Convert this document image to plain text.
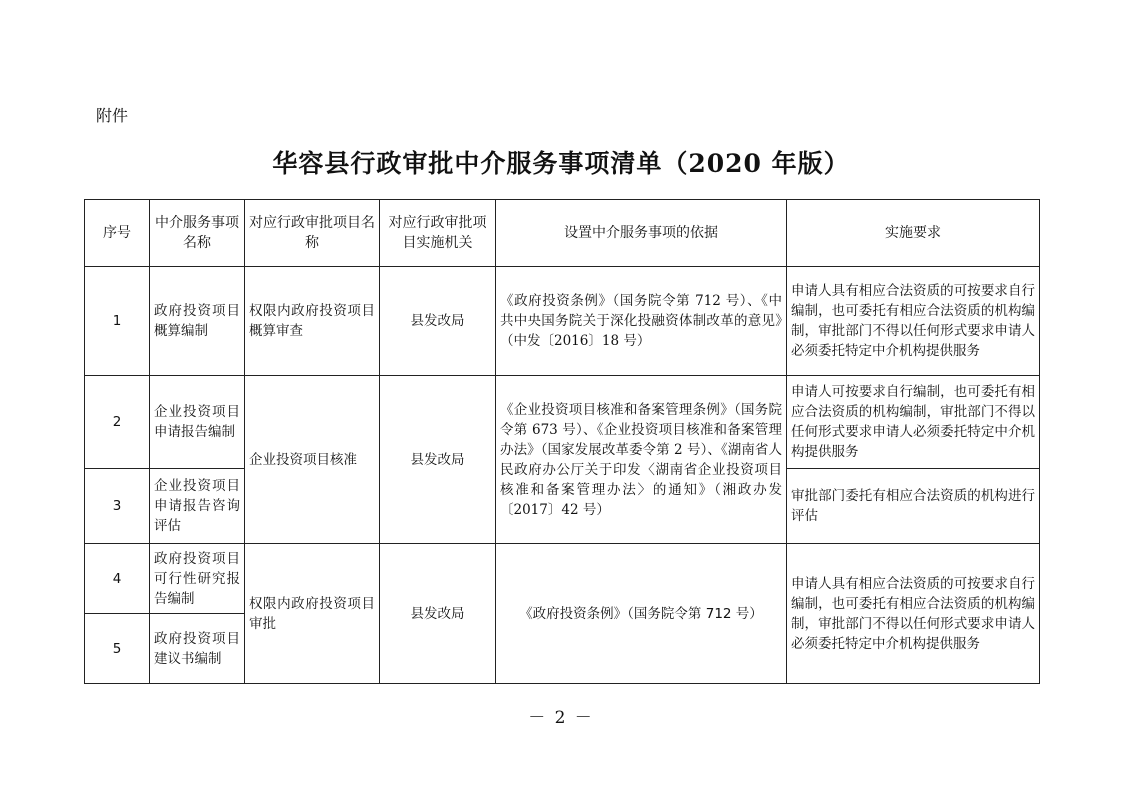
附件
华容县行政审批中介服务事项清单（2020 年版）
序号	中介服务事项名称	对应行政审批项目名称	对应行政审批项目实施机关	设置中介服务事项的依据	实施要求
1	政府投资项目概算编制	权限内政府投资项目概算审查	县发改局	《政府投资条例》（国务院令第 712 号）、《中共中央国务院关于深化投融资体制改革的意见》（中发〔2016〕18 号）	申请人具有相应合法资质的可按要求自行编制，也可委托有相应合法资质的机构编制，审批部门不得以任何形式要求申请人必须委托特定中介机构提供服务
2	企业投资项目申请报告编制	企业投资项目核准	县发改局	《企业投资项目核准和备案管理条例》（国务院令第 673 号）、《企业投资项目核准和备案管理办法》（国家发展改革委令第 2 号）、《湖南省人民政府办公厅关于印发〈湖南省企业投资项目核准和备案管理办法〉的通知》（湘政办发〔2017〕42 号）	申请人可按要求自行编制，也可委托有相应合法资质的机构编制，审批部门不得以任何形式要求申请人必须委托特定中介机构提供服务
3	企业投资项目申请报告咨询评估				审批部门委托有相应合法资质的机构进行评估
4	政府投资项目可行性研究报告编制	权限内政府投资项目审批	县发改局	《政府投资条例》（国务院令第 712 号）	申请人具有相应合法资质的可按要求自行编制，也可委托有相应合法资质的机构编制，审批部门不得以任何形式要求申请人必须委托特定中介机构提供服务
5	政府投资项目建议书编制				
－ 2 －
